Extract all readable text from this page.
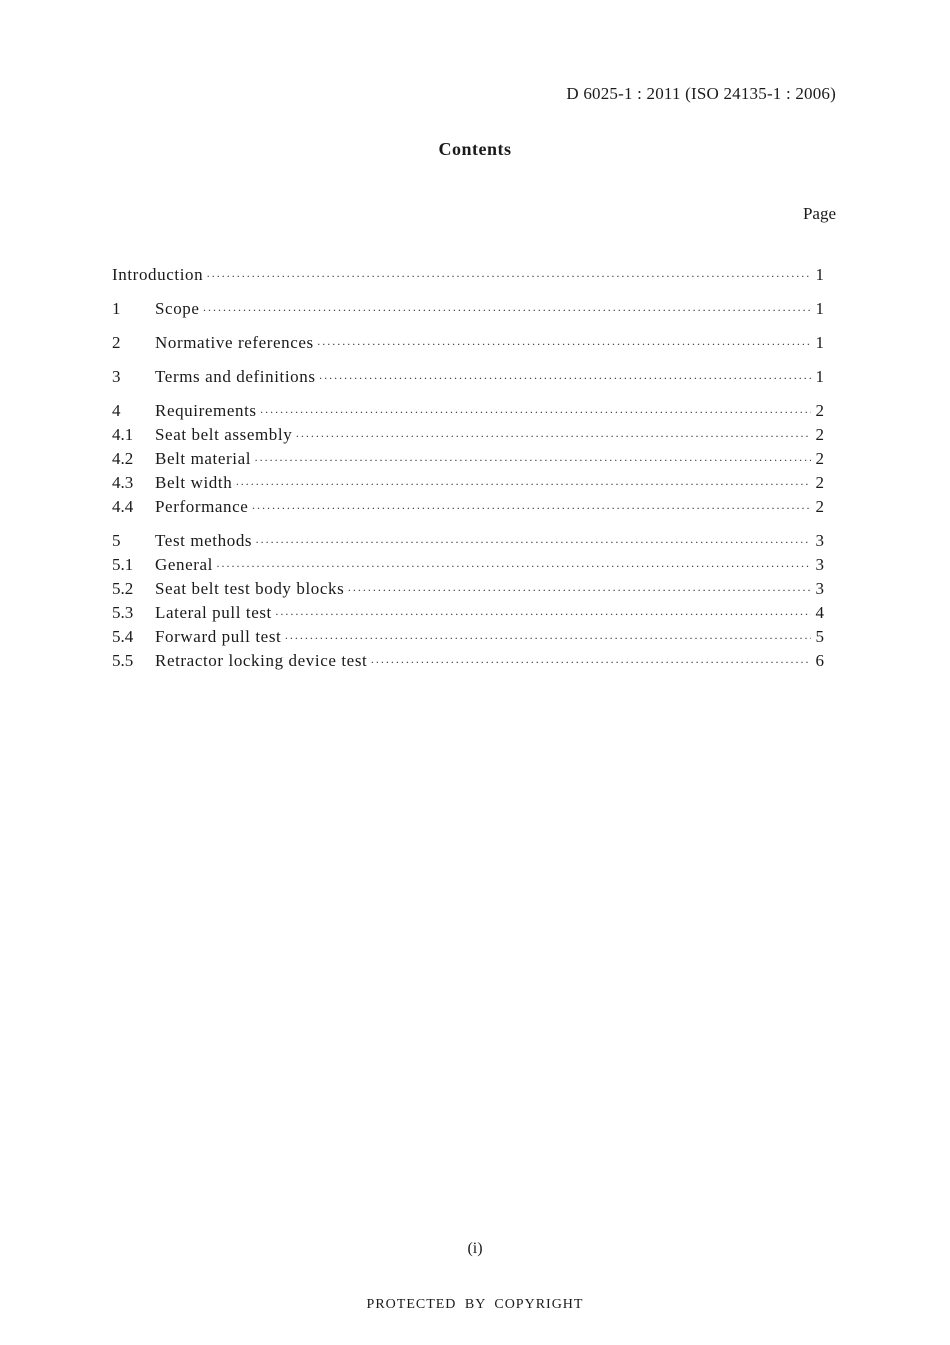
D 6025-1 : 2011 (ISO 24135-1 : 2006)
Contents
Page
Introduction ·····	1
1	Scope ·····	1
2	Normative references ·····	1
3	Terms and definitions ·····	1
4	Requirements ·····	2
4.1	Seat belt assembly ·····	2
4.2	Belt material ·····	2
4.3	Belt width ·····	2
4.4	Performance ·····	2
5	Test methods ·····	3
5.1	General ·····	3
5.2	Seat belt test body blocks ·····	3
5.3	Lateral pull test ·····	4
5.4	Forward pull test ·····	5
5.5	Retractor locking device test ·····	6
(i)
PROTECTED BY COPYRIGHT
